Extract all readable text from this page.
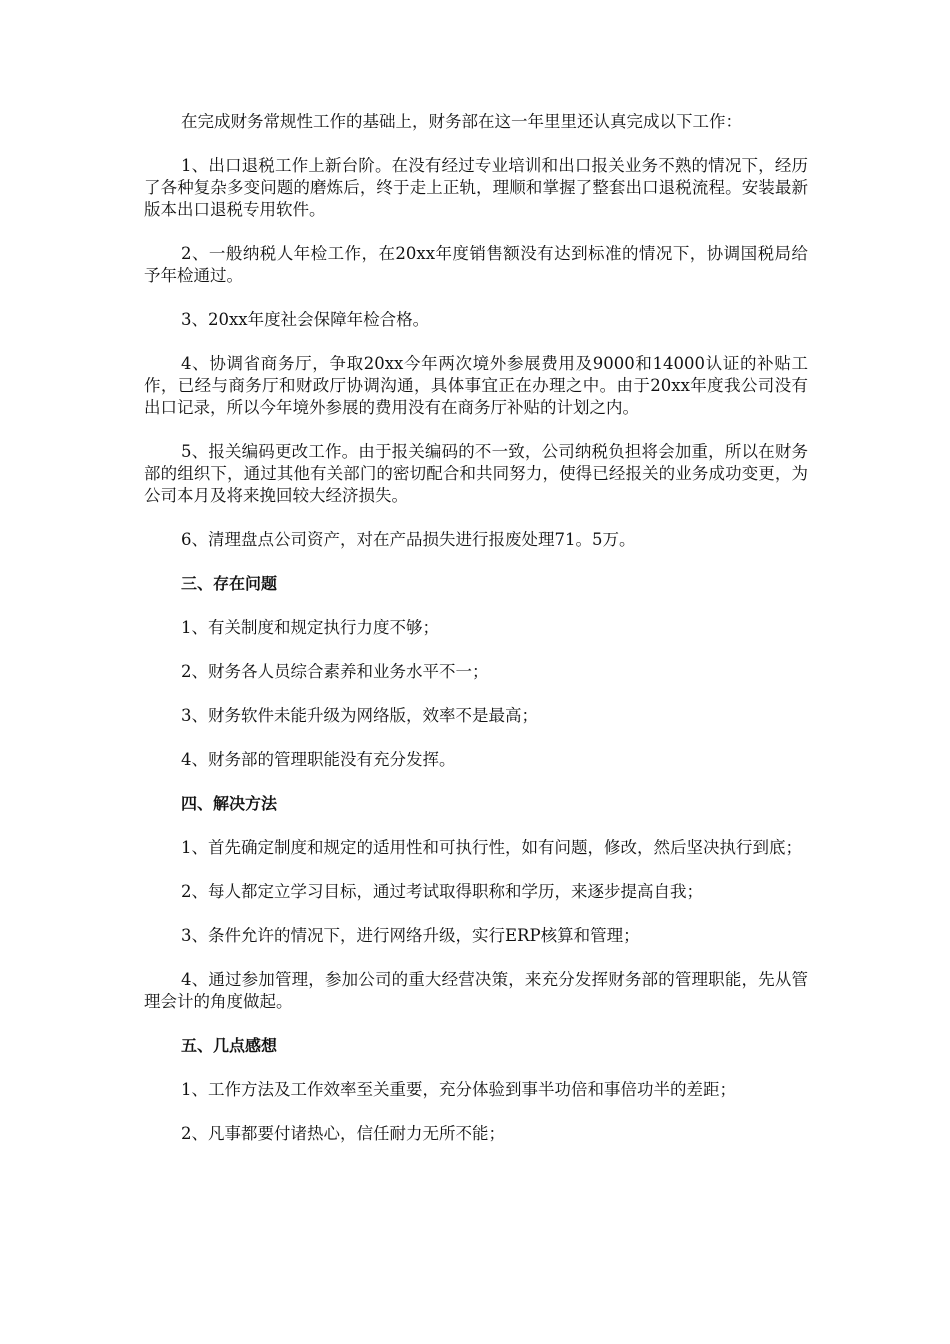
在完成财务常规性工作的基础上，财务部在这一年里里还认真完成以下工作：

1、出口退税工作上新台阶。在没有经过专业培训和出口报关业务不熟的情况下，经历了各种复杂多变问题的磨炼后，终于走上正轨，理顺和掌握了整套出口退税流程。安装最新版本出口退税专用软件。

2、一般纳税人年检工作，在20xx年度销售额没有达到标准的情况下，协调国税局给予年检通过。

3、20xx年度社会保障年检合格。

4、协调省商务厅，争取20xx今年两次境外参展费用及9000和14000认证的补贴工作，已经与商务厅和财政厅协调沟通，具体事宜正在办理之中。由于20xx年度我公司没有出口记录，所以今年境外参展的费用没有在商务厅补贴的计划之内。

5、报关编码更改工作。由于报关编码的不一致，公司纳税负担将会加重，所以在财务部的组织下，通过其他有关部门的密切配合和共同努力，使得已经报关的业务成功变更，为公司本月及将来挽回较大经济损失。

6、清理盘点公司资产，对在产品损失进行报废处理71。5万。

三、存在问题

1、有关制度和规定执行力度不够；

2、财务各人员综合素养和业务水平不一；

3、财务软件未能升级为网络版，效率不是最高；

4、财务部的管理职能没有充分发挥。

四、解决方法

1、首先确定制度和规定的适用性和可执行性，如有问题，修改，然后坚决执行到底；

2、每人都定立学习目标，通过考试取得职称和学历，来逐步提高自我；

3、条件允许的情况下，进行网络升级，实行ERP核算和管理；

4、通过参加管理，参加公司的重大经营决策，来充分发挥财务部的管理职能，先从管理会计的角度做起。

五、几点感想

1、工作方法及工作效率至关重要，充分体验到事半功倍和事倍功半的差距；

2、凡事都要付诸热心，信任耐力无所不能；
